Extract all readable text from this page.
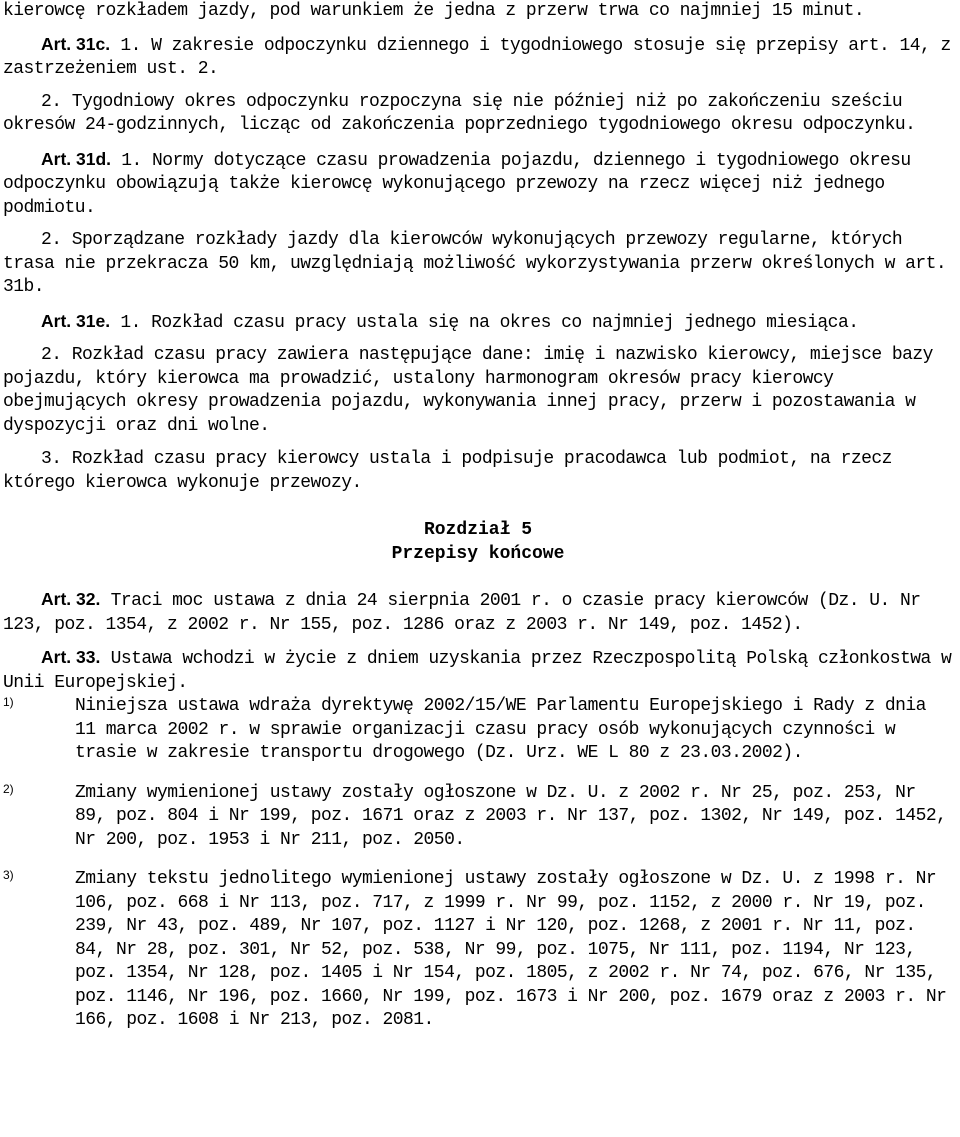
kierowcę rozkładem jazdy, pod warunkiem że jedna z przerw trwa co najmniej 15 minut.

Art. 31c. 1. W zakresie odpoczynku dziennego i tygodniowego stosuje się przepisy art. 14, z zastrzeżeniem ust. 2.

2. Tygodniowy okres odpoczynku rozpoczyna się nie później niż po zakończeniu sześciu okresów 24-godzinnych, licząc od zakończenia poprzedniego tygodniowego okresu odpoczynku.

Art. 31d. 1. Normy dotyczące czasu prowadzenia pojazdu, dziennego i tygodniowego okresu odpoczynku obowiązują także kierowcę wykonującego przewozy na rzecz więcej niż jednego podmiotu.

2. Sporządzane rozkłady jazdy dla kierowców wykonujących przewozy regularne, których trasa nie przekracza 50 km, uwzględniają możliwość wykorzystywania przerw określonych w art. 31b.

Art. 31e. 1. Rozkład czasu pracy ustala się na okres co najmniej jednego miesiąca.

2. Rozkład czasu pracy zawiera następujące dane: imię i nazwisko kierowcy, miejsce bazy pojazdu, który kierowca ma prowadzić, ustalony harmonogram okresów pracy kierowcy obejmujących okresy prowadzenia pojazdu, wykonywania innej pracy, przerw i pozostawania w dyspozycji oraz dni wolne.

3. Rozkład czasu pracy kierowcy ustala i podpisuje pracodawca lub podmiot, na rzecz którego kierowca wykonuje przewozy.

Rozdział 5
Przepisy końcowe

Art. 32. Traci moc ustawa z dnia 24 sierpnia 2001 r. o czasie pracy kierowców (Dz. U. Nr 123, poz. 1354, z 2002 r. Nr 155, poz. 1286 oraz z 2003 r. Nr 149, poz. 1452).

Art. 33. Ustawa wchodzi w życie z dniem uzyskania przez Rzeczpospolitą Polską członkostwa w Unii Europejskiej.

1)	Niniejsza ustawa wdraża dyrektywę 2002/15/WE Parlamentu Europejskiego i Rady z dnia 11 marca 2002 r. w sprawie organizacji czasu pracy osób wykonujących czynności w trasie w zakresie transportu drogowego (Dz. Urz. WE L 80 z 23.03.2002).
2)	Zmiany wymienionej ustawy zostały ogłoszone w Dz. U. z 2002 r. Nr 25, poz. 253, Nr 89, poz. 804 i Nr 199, poz. 1671 oraz z 2003 r. Nr 137, poz. 1302, Nr 149, poz. 1452, Nr 200, poz. 1953 i Nr 211, poz. 2050.
3)	Zmiany tekstu jednolitego wymienionej ustawy zostały ogłoszone w Dz. U. z 1998 r. Nr 106, poz. 668 i Nr 113, poz. 717, z 1999 r. Nr 99, poz. 1152, z 2000 r. Nr 19, poz. 239, Nr 43, poz. 489, Nr 107, poz. 1127 i Nr 120, poz. 1268, z 2001 r. Nr 11, poz. 84, Nr 28, poz. 301, Nr 52, poz. 538, Nr 99, poz. 1075, Nr 111, poz. 1194, Nr 123, poz. 1354, Nr 128, poz. 1405 i Nr 154, poz. 1805, z 2002 r. Nr 74, poz. 676, Nr 135, poz. 1146, Nr 196, poz. 1660, Nr 199, poz. 1673 i Nr 200, poz. 1679 oraz z 2003 r. Nr 166, poz. 1608 i Nr 213, poz. 2081.
